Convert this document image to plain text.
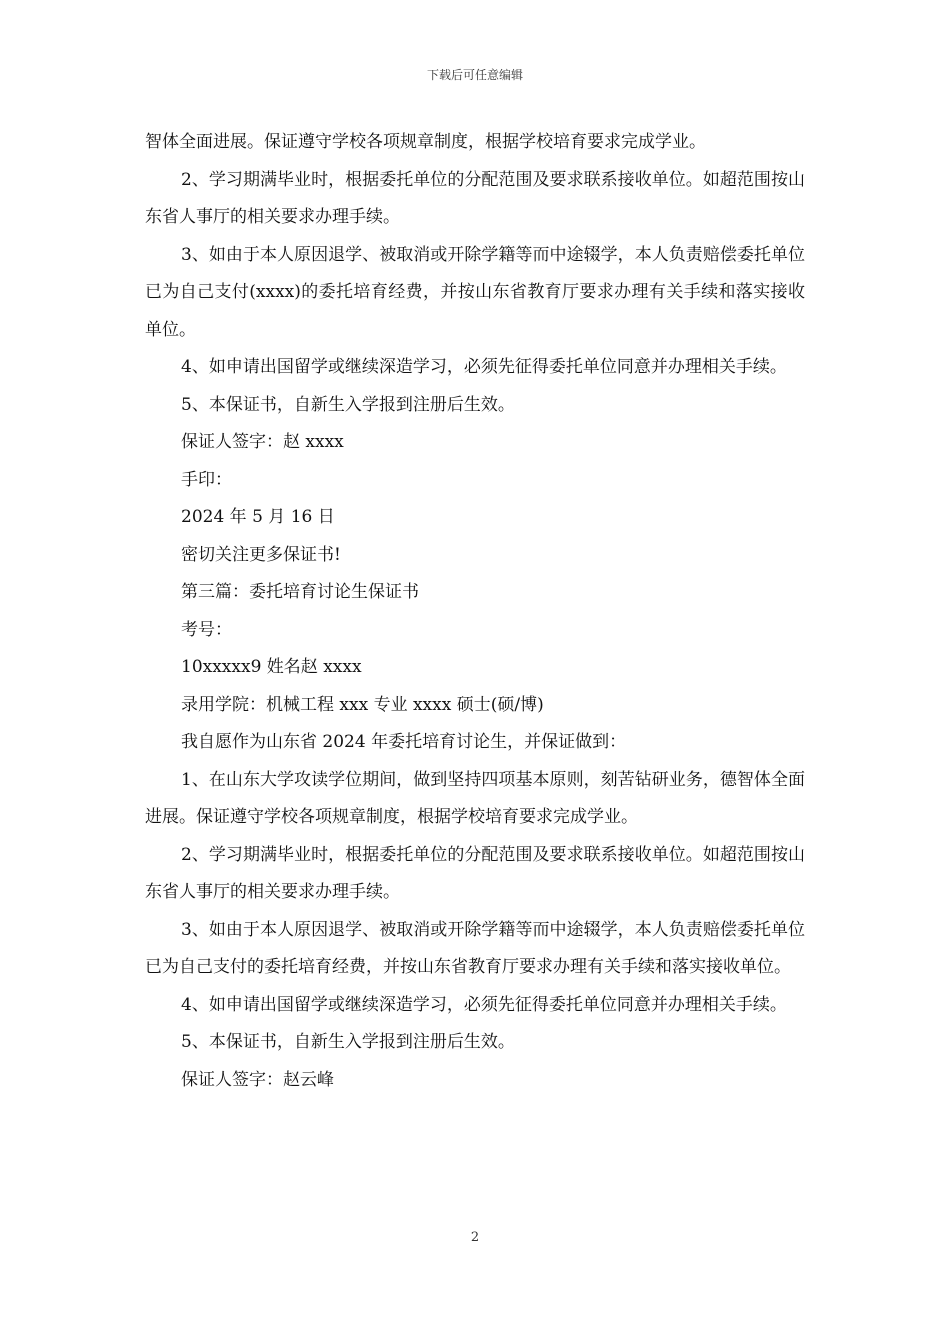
下载后可任意编辑

智体全面进展。保证遵守学校各项规章制度，根据学校培育要求完成学业。

2、学习期满毕业时，根据委托单位的分配范围及要求联系接收单位。如超范围按山东省人事厅的相关要求办理手续。

3、如由于本人原因退学、被取消或开除学籍等而中途辍学，本人负责赔偿委托单位已为自己支付(xxxx)的委托培育经费，并按山东省教育厅要求办理有关手续和落实接收单位。

4、如申请出国留学或继续深造学习，必须先征得委托单位同意并办理相关手续。

5、本保证书，自新生入学报到注册后生效。

保证人签字：赵 xxxx

手印：

2024 年 5 月 16 日

密切关注更多保证书!

第三篇：委托培育讨论生保证书

考号：

10xxxxx9 姓名赵 xxxx

录用学院：机械工程 xxx 专业 xxxx 硕士(硕/博)

我自愿作为山东省 2024 年委托培育讨论生，并保证做到：

1、在山东大学攻读学位期间，做到坚持四项基本原则，刻苦钻研业务，德智体全面进展。保证遵守学校各项规章制度，根据学校培育要求完成学业。

2、学习期满毕业时，根据委托单位的分配范围及要求联系接收单位。如超范围按山东省人事厅的相关要求办理手续。

3、如由于本人原因退学、被取消或开除学籍等而中途辍学，本人负责赔偿委托单位已为自己支付的委托培育经费，并按山东省教育厅要求办理有关手续和落实接收单位。

4、如申请出国留学或继续深造学习，必须先征得委托单位同意并办理相关手续。

5、本保证书，自新生入学报到注册后生效。

保证人签字：赵云峰

2
